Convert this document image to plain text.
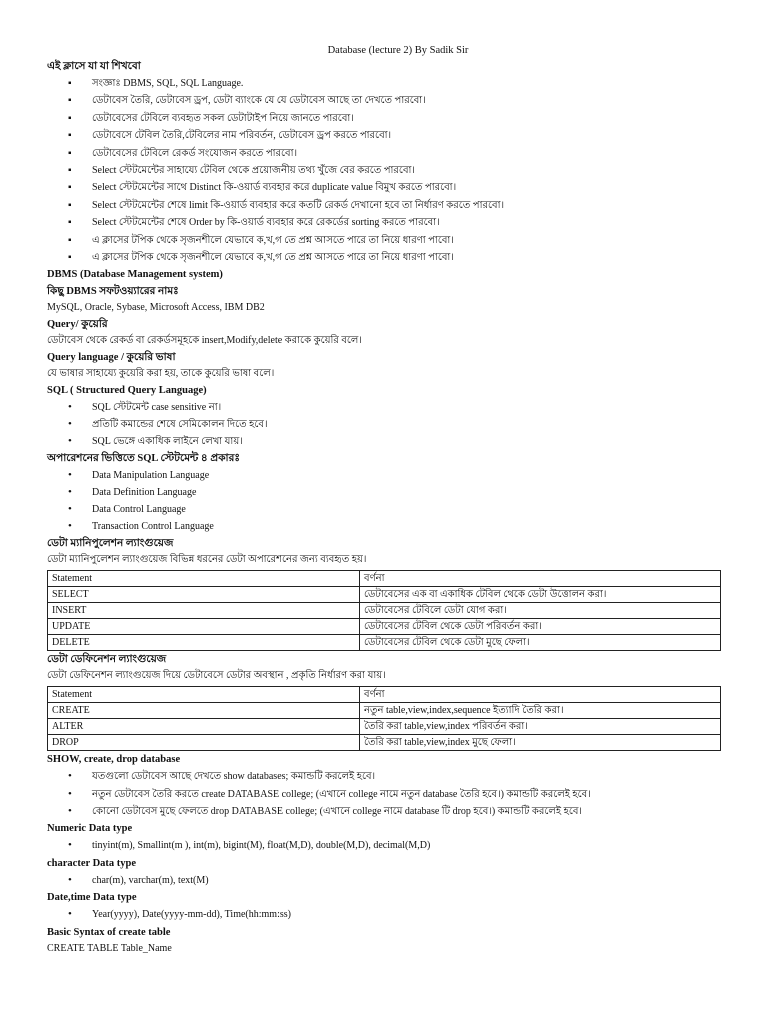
Database (lecture 2) By Sadik Sir
এই ক্লাসে যা যা শিখবো
▪ সংজ্ঞাঃ DBMS, SQL, SQL Language.
▪ ডেটাবেস তৈরি, ডেটাবেস ড্রপ, ডেটা ব্যাংকে যে যে ডেটাবেস আছে তা দেখতে পারবো।
▪ ডেটাবেসের টেবিলে ব্যবহৃত সকল ডেটাটাইপ নিয়ে জানতে পারবো।
▪ ডেটাবেসে টেবিল তৈরি,টেবিলের নাম পরিবর্তন, ডেটাবেস ড্রপ করতে পারবো।
▪ ডেটাবেসের টেবিলে রেকর্ড সংযোজন করতে পারবো।
▪ Select স্টেটমেন্টের সাহায্যে টেবিল থেকে প্রয়োজনীয় তথ্য খুঁজে বের করতে পারবো।
▪ Select স্টেটমেন্টের সাথে Distinct কি-ওয়ার্ড ব্যবহার করে duplicate value বিমুখ করতে পারবো।
▪ Select স্টেটমেন্টের শেষে limit কি-ওয়ার্ড ব্যবহার করে কতটি রেকর্ড দেখানো হবে তা নির্ধারণ করতে পারবো।
▪ Select স্টেটমেন্টের শেষে Order by কি-ওয়ার্ড ব্যবহার করে রেকর্ডের sorting করতে পারবো।
▪ এ ক্লাসের টপিক থেকে সৃজনশীলে যেভাবে ক,খ,গ তে প্রশ্ন আসতে পারে তা নিয়ে ধারণা পাবো।
▪ এ ক্লাসের টপিক থেকে সৃজনশীলে যেভাবে ক,খ,গ তে প্রশ্ন আসতে পারে তা নিয়ে ধারণা পাবো।
DBMS (Database Management system)
কিছু DBMS সফটওয়্যারের নামঃ
MySQL, Oracle, Sybase, Microsoft Access, IBM DB2
Query/ কুয়েরি
ডেটাবেস থেকে রেকর্ড বা রেকর্ডসমূহকে insert,Modify,delete করাকে কুয়েরি বলে।
Query language / কুয়েরি ভাষা
যে ভাষার সাহায্যে কুয়েরি করা হয়, তাকে কুয়েরি ভাষা বলে।
SQL ( Structured Query Language)
• SQL স্টেটমেন্ট case sensitive না।
• প্রতিটি কমান্ডের শেষে সেমিকোলন দিতে হবে।
• SQL ভেঙ্গে একাধিক লাইনে লেখা যায়।
অপারেশনের ভিত্তিতে SQL স্টেটমেন্ট ৪ প্রকারঃ
• Data Manipulation Language
• Data Definition Language
• Data Control Language
• Transaction Control Language
ডেটা ম্যানিপুলেশন ল্যাংগুয়েজ
ডেটা ম্যানিপুলেশন ল্যাংগুয়েজ বিভিন্ন ধরনের ডেটা অপারেশনের জন্য ব্যবহৃত হয়।
Statement	বর্ণনা
SELECT	ডেটাবেসের এক বা একাধিক টেবিল থেকে ডেটা উত্তোলন করা।
INSERT	ডেটাবেসের টেবিলে ডেটা যোগ করা।
UPDATE	ডেটাবেসের টেবিল থেকে ডেটা পরিবর্তন করা।
DELETE	ডেটাবেসের টেবিল থেকে ডেটা মুছে ফেলা।
ডেটা ডেফিনেশন ল্যাংগুয়েজ
ডেটা ডেফিনেশন ল্যাংগুয়েজ দিয়ে ডেটাবেসে ডেটার অবস্থান , প্রকৃতি নির্ধারণ করা যায়।
Statement	বর্ণনা
CREATE	নতুন table,view,index,sequence ইত্যাদি তৈরি করা।
ALTER	তৈরি করা table,view,index পরিবর্তন করা।
DROP	তৈরি করা table,view,index মুছে ফেলা।
SHOW, create, drop database
• যতগুলো ডেটাবেস আছে দেখতে show databases; কমান্ডটি করলেই হবে।
• নতুন ডেটাবেস তৈরি করতে create DATABASE college; (এখানে college নামে নতুন database তৈরি হবে।) কমান্ডটি করলেই হবে।
• কোনো ডেটাবেস মুছে ফেলতে drop DATABASE college; (এখানে college নামে database টি drop হবে।) কমান্ডটি করলেই হবে।
Numeric Data type
• tinyint(m), Smallint(m ), int(m), bigint(M), float(M,D), double(M,D), decimal(M,D)
character Data type
• char(m), varchar(m), text(M)
Date,time Data type
• Year(yyyy), Date(yyyy-mm-dd), Time(hh:mm:ss)
Basic Syntax of create table
CREATE TABLE Table_Name
